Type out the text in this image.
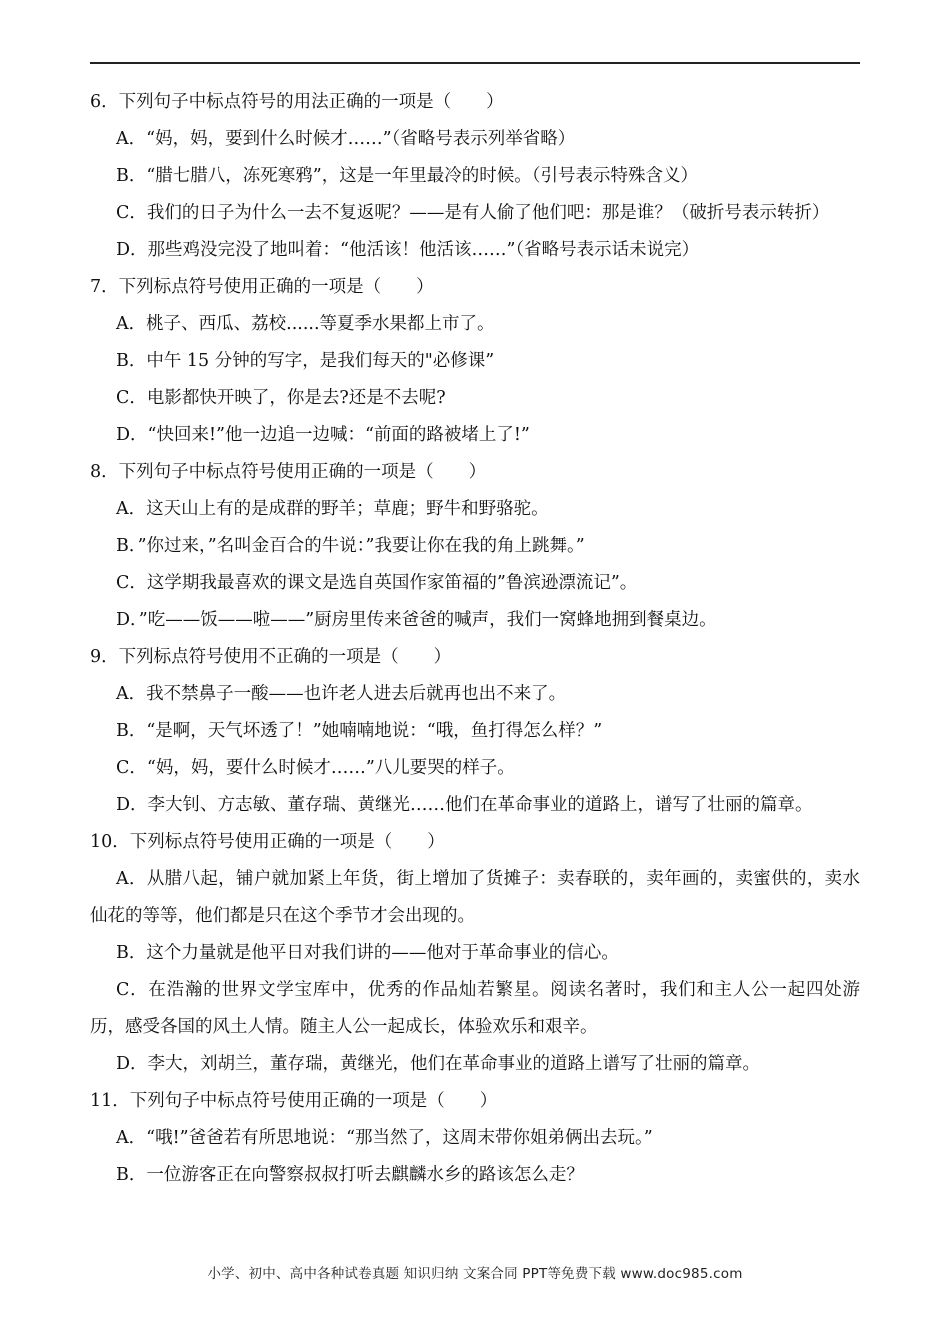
6．下列句子中标点符号的用法正确的一项是（　　）
A．“妈，妈，要到什么时候才……”（省略号表示列举省略）
B．“腊七腊八，冻死寒鸦”，这是一年里最冷的时候。（引号表示特殊含义）
C．我们的日子为什么一去不复返呢？——是有人偷了他们吧：那是谁？（破折号表示转折）
D．那些鸡没完没了地叫着：“他活该！他活该……”（省略号表示话未说完）
7．下列标点符号使用正确的一项是（　　）
A．桃子、西瓜、荔校......等夏季水果都上市了。
B．中午 15 分钟的写字，是我们每天的"必修课”
C．电影都快开映了，你是去?还是不去呢?
D．“快回来!”他一边追一边喊：“前面的路被堵上了!”
8．下列句子中标点符号使用正确的一项是（　　）
A．这天山上有的是成群的野羊；草鹿；野牛和野骆驼。
B．”你过来，”名叫金百合的牛说：”我要让你在我的角上跳舞。”
C．这学期我最喜欢的课文是选自英国作家笛福的”鲁滨逊漂流记”。
D．”吃——饭——啦——”厨房里传来爸爸的喊声，我们一窝蜂地拥到餐桌边。
9．下列标点符号使用不正确的一项是（　　）
A．我不禁鼻子一酸——也许老人进去后就再也出不来了。
B．“是啊，天气坏透了！”她喃喃地说：“哦，鱼打得怎么样？”
C．“妈，妈，要什么时候才……”八儿要哭的样子。
D．李大钊、方志敏、董存瑞、黄继光……他们在革命事业的道路上，谱写了壮丽的篇章。
10．下列标点符号使用正确的一项是（　　）
A．从腊八起，铺户就加紧上年货，街上增加了货摊子：卖春联的，卖年画的，卖蜜供的，卖水仙花的等等，他们都是只在这个季节才会出现的。
B．这个力量就是他平日对我们讲的——他对于革命事业的信心。
C．在浩瀚的世界文学宝库中，优秀的作品灿若繁星。阅读名著时，我们和主人公一起四处游历，感受各国的风土人情。随主人公一起成长，体验欢乐和艰辛。
D．李大，刘胡兰，董存瑞，黄继光，他们在革命事业的道路上谱写了壮丽的篇章。
11．下列句子中标点符号使用正确的一项是（　　）
A．“哦!”爸爸若有所思地说：“那当然了，这周末带你姐弟俩出去玩。”
B．一位游客正在向警察叔叔打听去麒麟水乡的路该怎么走？
小学、初中、高中各种试卷真题 知识归纳 文案合同 PPT等免费下载 www.doc985.com
